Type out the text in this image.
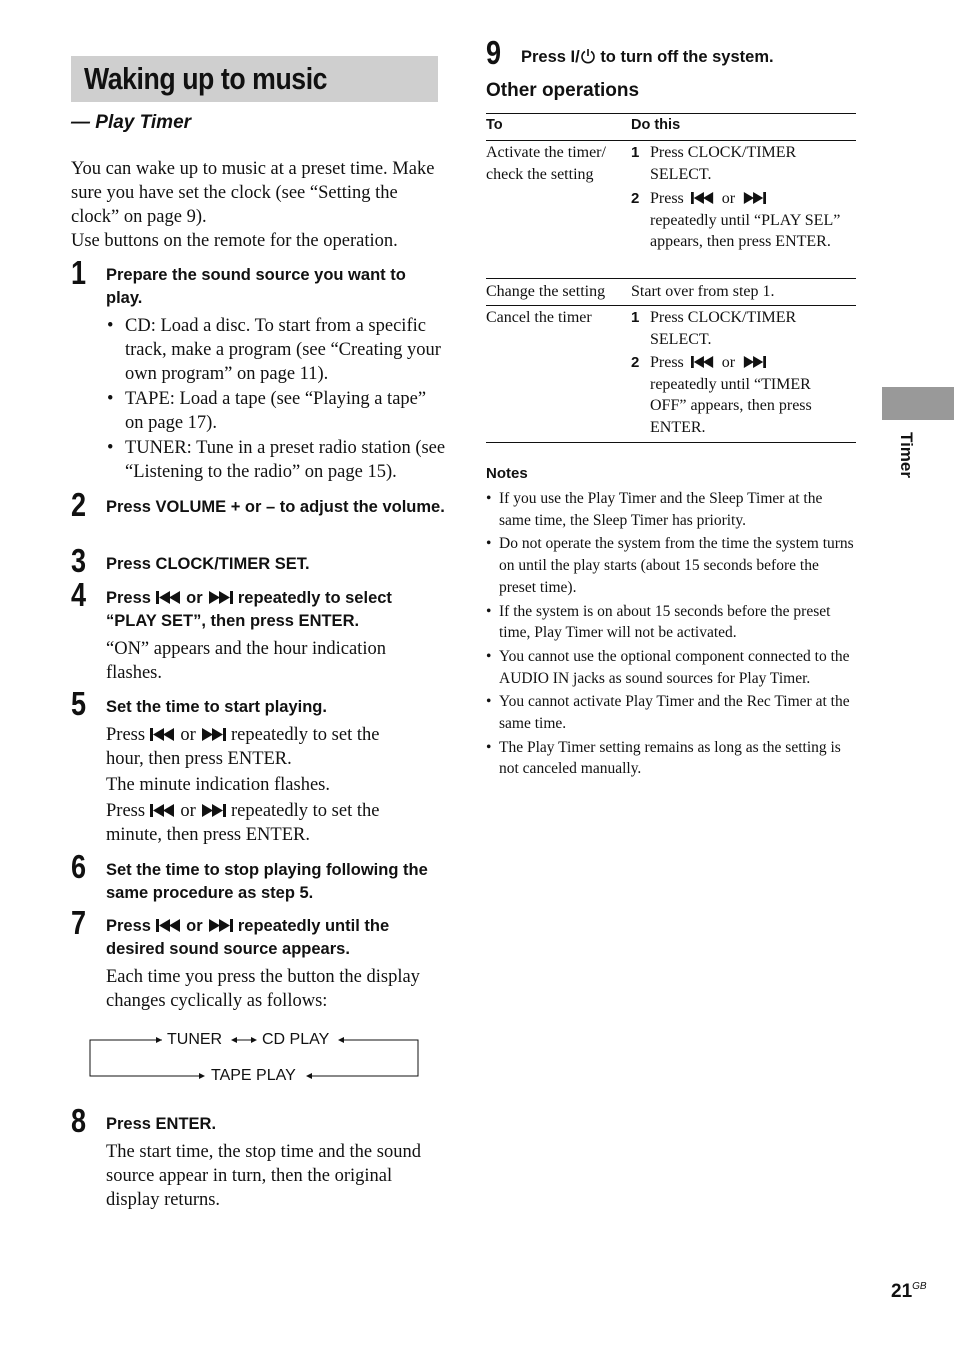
Waking up to music
— Play Timer

You can wake up to music at a preset time. Make sure you have set the clock (see “Setting the clock” on page 9).

Use buttons on the remote for the operation.

1 Prepare the sound source you want to play.
• CD: Load a disc. To start from a specific track, make a program (see “Creating your own program” on page 11).
• TAPE: Load a tape (see “Playing a tape” on page 17).
• TUNER: Tune in a preset radio station (see “Listening to the radio” on page 15).
2 Press VOLUME + or – to adjust the volume.
3 Press CLOCK/TIMER SET.
4 Press or repeatedly to select
“PLAY SET”, then press ENTER.
“ON” appears and the hour indication flashes.
5 Set the time to start playing.
Press or repeatedly to set the
hour, then press ENTER.
The minute indication flashes.
Press or repeatedly to set the
minute, then press ENTER.
6 Set the time to stop playing following the same procedure as step 5.
7 Press or repeatedly until the
desired sound source appears.
Each time you press the button the display changes cyclically as follows:
TUNER CD PLAY
TAPE PLAY
8 Press ENTER.
The start time, the stop time and the sound source appear in turn, then the original display returns.
9 Press I/ to turn off the system.
Other operations
To	Do this
Activate the timer/ check the setting
1 Press CLOCK/TIMER SELECT.
2 Press or
repeatedly until “PLAY SEL” appears, then press ENTER.
Change the setting	Start over from step 1.
Cancel the timer	1 Press CLOCK/TIMER SELECT.
2 Press or
repeatedly until “TIMER OFF” appears, then press ENTER.
Notes
• If you use the Play Timer and the Sleep Timer at the same time, the Sleep Timer has priority.
• Do not operate the system from the time the system turns on until the play starts (about 15 seconds before the preset time).
• If the system is on about 15 seconds before the preset time, Play Timer will not be activated.
• You cannot use the optional component connected to the AUDIO IN jacks as sound sources for Play Timer.
• You cannot activate Play Timer and the Rec Timer at the same time.
• The Play Timer setting remains as long as the setting is not canceled manually.
Timer
$21^{GB}$
